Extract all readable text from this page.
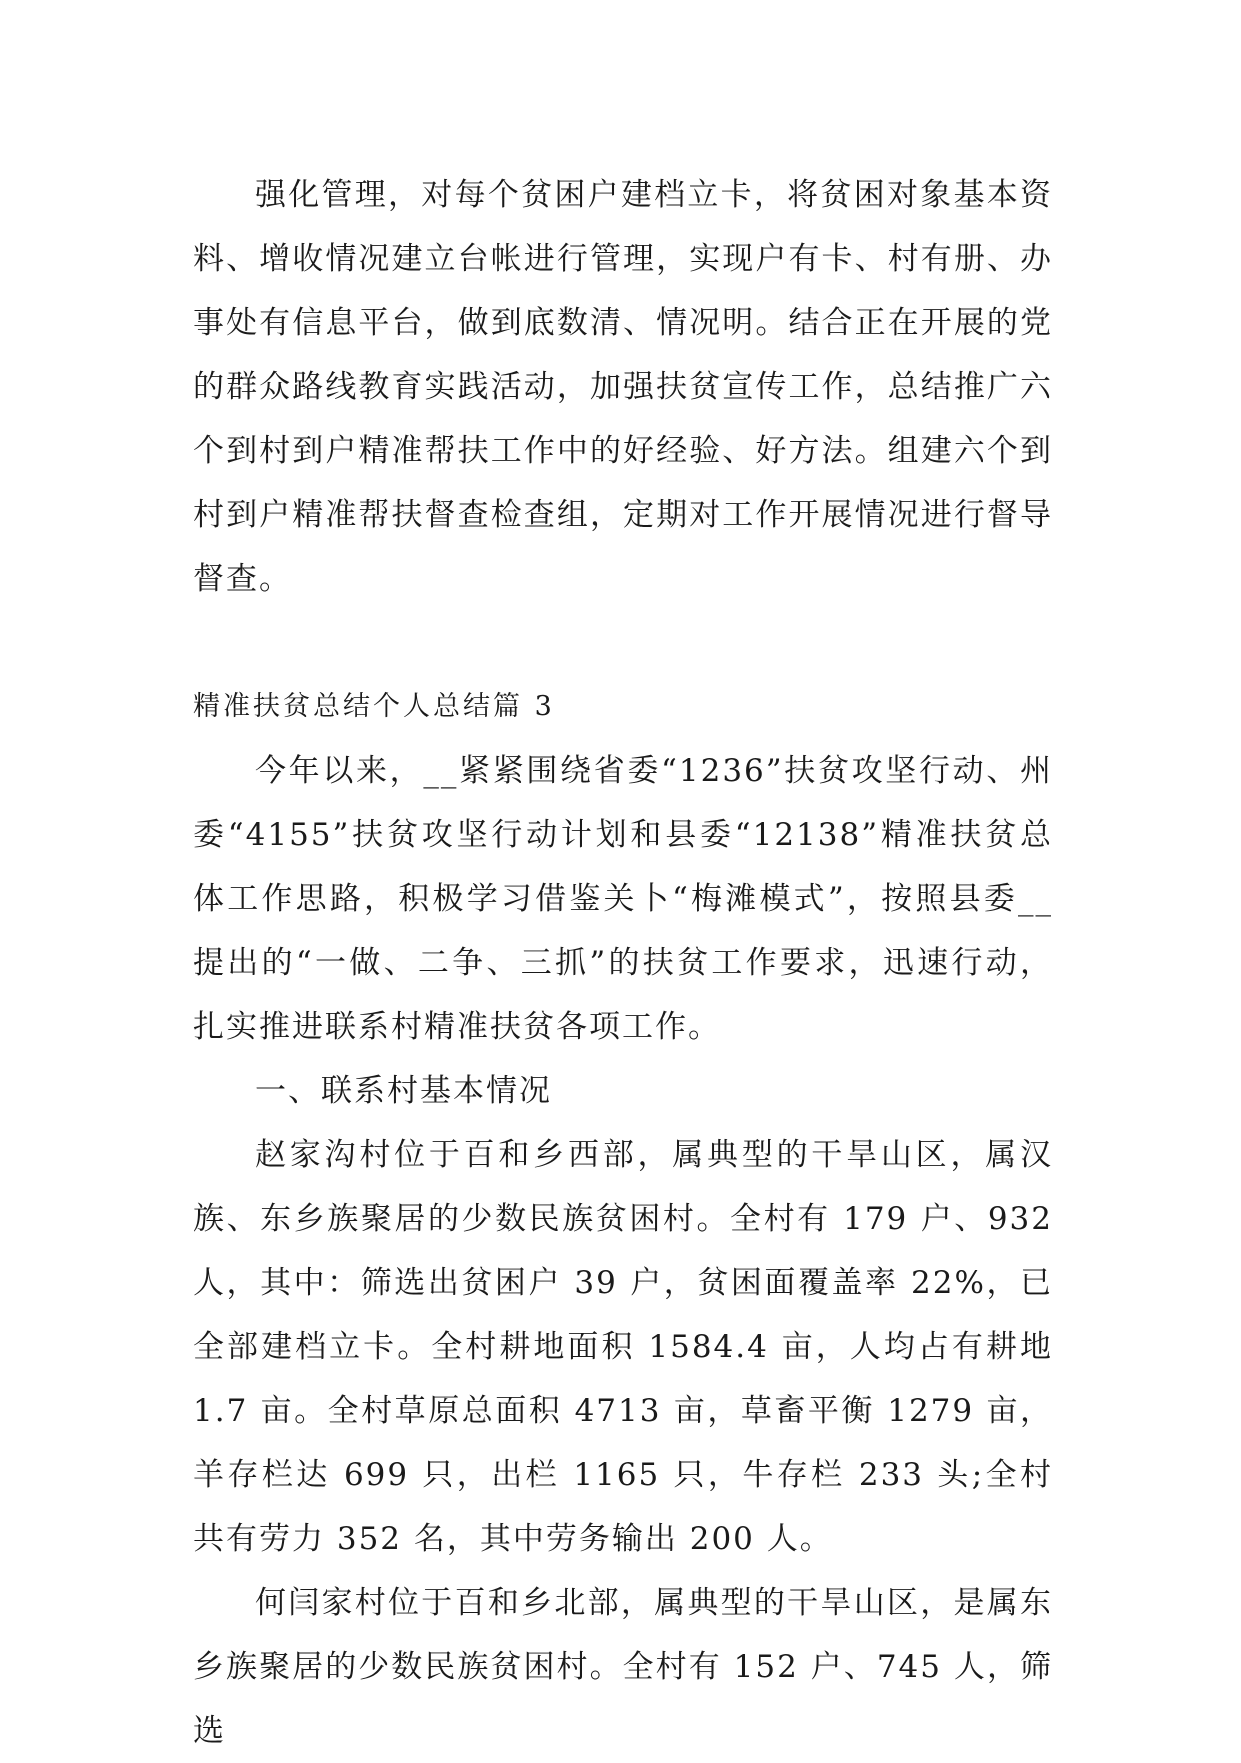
强化管理，对每个贫困户建档立卡，将贫困对象基本资料、增收情况建立台帐进行管理，实现户有卡、村有册、办事处有信息平台，做到底数清、情况明。结合正在开展的党的群众路线教育实践活动，加强扶贫宣传工作，总结推广六个到村到户精准帮扶工作中的好经验、好方法。组建六个到村到户精准帮扶督查检查组，定期对工作开展情况进行督导督查。

精准扶贫总结个人总结篇 3

今年以来，__紧紧围绕省委“1236”扶贫攻坚行动、州委“4155”扶贫攻坚行动计划和县委“12138”精准扶贫总体工作思路，积极学习借鉴关卜“梅滩模式”，按照县委__提出的“一做、二争、三抓”的扶贫工作要求，迅速行动，扎实推进联系村精准扶贫各项工作。

一、联系村基本情况

赵家沟村位于百和乡西部，属典型的干旱山区，属汉族、东乡族聚居的少数民族贫困村。全村有 179 户、932 人，其中：筛选出贫困户 39 户，贫困面覆盖率 22%，已全部建档立卡。全村耕地面积 1584.4 亩，人均占有耕地 1.7 亩。全村草原总面积 4713 亩，草畜平衡 1279 亩，羊存栏达 699 只，出栏 1165 只，牛存栏 233 头;全村共有劳力 352 名，其中劳务输出 200 人。

何闫家村位于百和乡北部，属典型的干旱山区，是属东乡族聚居的少数民族贫困村。全村有 152 户、745 人，筛选
